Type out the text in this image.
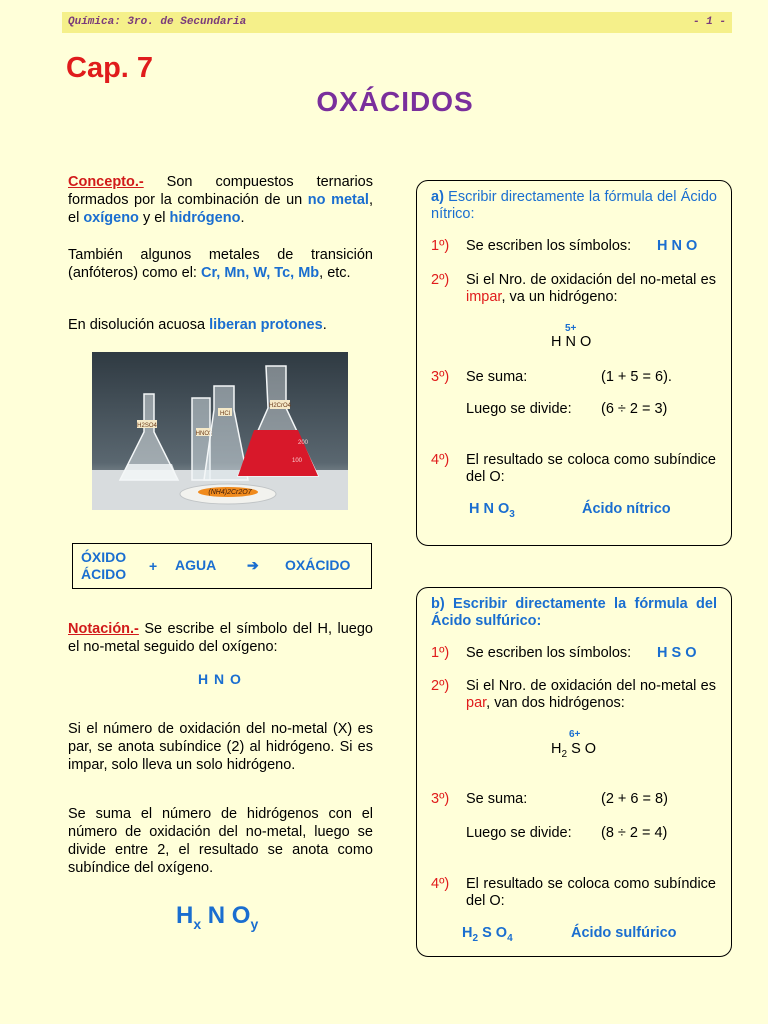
Química: 3ro. de Secundaria	- 1 -
Cap. 7
OXÁCIDOS
Concepto.- Son compuestos ternarios formados por la combinación de un no metal, el oxígeno y el hidrógeno.
También algunos metales de transición (anfóteros) como el: Cr, Mn, W, Tc, Mb, etc.
En disolución acuosa liberan protones.
H2SO4
HNO3
HCl
H2CrO4
200
100
(NH4)2Cr2O7
ÓXIDO
ÁCIDO + AGUA ➔ OXÁCIDO
Notación.- Se escribe el símbolo del H, luego el no-metal seguido del oxígeno:
H N O
Si el número de oxidación del no-metal (X) es par, se anota subíndice (2) al hidrógeno. Si es impar, solo lleva un solo hidrógeno.
Se suma el número de hidrógenos con el número de oxidación del no-metal, luego se divide entre 2, el resultado se anota como subíndice del oxígeno.
$H_x$ N $O_y$
a) Escribir directamente la fórmula del Ácido nítrico:
1º) Se escriben los símbolos: H N O
2º) Si el Nro. de oxidación del no-metal es impar, va un hidrógeno:
5+
H N O
3º) Se suma:	(1 + 5 = 6).
Luego se divide: (6 ÷ 2 = 3)
4º) El resultado se coloca como subíndice del O:
H N $O_3$	Ácido nítrico
b) Escribir directamente la fórmula del Ácido sulfúrico:
1º) Se escriben los símbolos: H S O
2º) Si el Nro. de oxidación del no-metal es par, van dos hidrógenos:
6+
$H_2$ S O
3º) Se suma:	(2 + 6 = 8)
Luego se divide: (8 ÷ 2 = 4)
4º) El resultado se coloca como subíndice del O:
$H_2$ S $O_4$	Ácido sulfúrico
